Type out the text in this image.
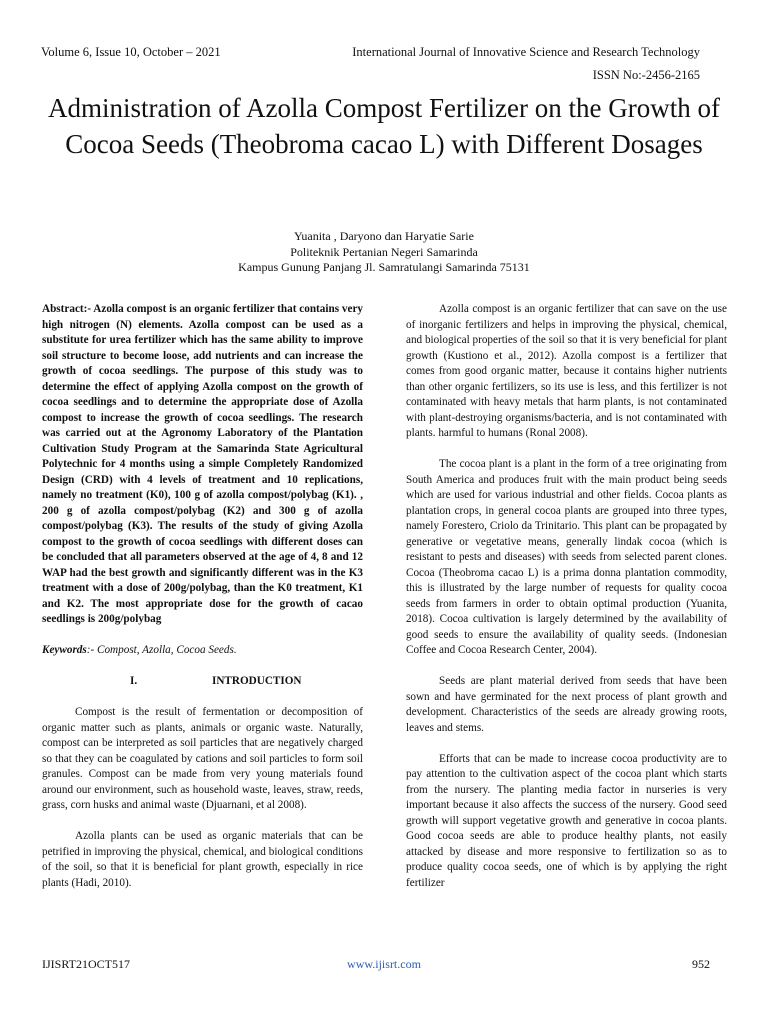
Volume 6, Issue 10, October – 2021	International Journal of Innovative Science and Research Technology
ISSN No:-2456-2165
Administration of Azolla Compost Fertilizer on the Growth of Cocoa Seeds (Theobroma cacao L) with Different Dosages
Yuanita , Daryono dan Haryatie Sarie
Politeknik Pertanian Negeri Samarinda
Kampus Gunung Panjang Jl. Samratulangi Samarinda 75131

Abstract:- Azolla compost is an organic fertilizer that contains very high nitrogen (N) elements. Azolla compost can be used as a substitute for urea fertilizer which has the same ability to improve soil structure to become loose, add nutrients and can increase the growth of cocoa seedlings. The purpose of this study was to determine the effect of applying Azolla compost on the growth of cocoa seedlings and to determine the appropriate dose of Azolla compost to increase the growth of cocoa seedlings. The research was carried out at the Agronomy Laboratory of the Plantation Cultivation Study Program at the Samarinda State Agricultural Polytechnic for 4 months using a simple Completely Randomized Design (CRD) with 4 levels of treatment and 10 replications, namely no treatment (K0), 100 g of azolla compost/polybag (K1). , 200 g of azolla compost/polybag (K2) and 300 g of azolla compost/polybag (K3). The results of the study of giving Azolla compost to the growth of cocoa seedlings with different doses can be concluded that all parameters observed at the age of 4, 8 and 12 WAP had the best growth and significantly different was in the K3 treatment with a dose of 200g/polybag, than the K0 treatment, K1 and K2. The most appropriate dose for the growth of cacao seedlings is 200g/polybag

Keywords:- Compost, Azolla, Cocoa Seeds.

I.	INTRODUCTION

Compost is the result of fermentation or decomposition of organic matter such as plants, animals or organic waste. Naturally, compost can be interpreted as soil particles that are negatively charged so that they can be coagulated by cations and soil particles to form soil granules. Compost can be made from very young materials found around our environment, such as household waste, leaves, straw, reeds, grass, corn husks and animal waste (Djuarnani, et al 2008).

Azolla plants can be used as organic materials that can be petrified in improving the physical, chemical, and biological conditions of the soil, so that it is beneficial for plant growth, especially in rice plants (Hadi, 2010).

Azolla compost is an organic fertilizer that can save on the use of inorganic fertilizers and helps in improving the physical, chemical, and biological properties of the soil so that it is very beneficial for plant growth (Kustiono et al., 2012). Azolla compost is a fertilizer that comes from good organic matter, because it contains higher nutrients than other organic fertilizers, so its use is less, and this fertilizer is not contaminated with heavy metals that harm plants, is not contaminated with plant-destroying organisms/bacteria, and is not contaminated with plants. harmful to humans (Ronal 2008).

The cocoa plant is a plant in the form of a tree originating from South America and produces fruit with the main product being seeds which are used for various industrial and other fields. Cocoa plants as plantation crops, in general cocoa plants are grouped into three types, namely Forestero, Criolo da Trinitario. This plant can be propagated by generative or vegetative means, generally lindak cocoa (which is resistant to pests and diseases) with seeds from selected parent clones. Cocoa (Theobroma cacao L) is a prima donna plantation commodity, this is illustrated by the large number of requests for quality cocoa seeds from farmers in order to obtain optimal production (Yuanita, 2018). Cocoa cultivation is largely determined by the availability of good seeds to ensure the availability of quality seeds. (Indonesian Coffee and Cocoa Research Center, 2004).

Seeds are plant material derived from seeds that have been sown and have germinated for the next process of plant growth and development. Characteristics of the seeds are already growing roots, leaves and stems.

Efforts that can be made to increase cocoa productivity are to pay attention to the cultivation aspect of the cocoa plant which starts from the nursery. The planting media factor in nurseries is very important because it also affects the success of the nursery. Good seed growth will support vegetative growth and generative in cocoa plants. Good cocoa seeds are able to produce healthy plants, not easily attacked by disease and more responsive to fertilization so as to produce quality cocoa seeds, one of which is by applying the right fertilizer

IJISRT21OCT517	www.ijisrt.com	952
